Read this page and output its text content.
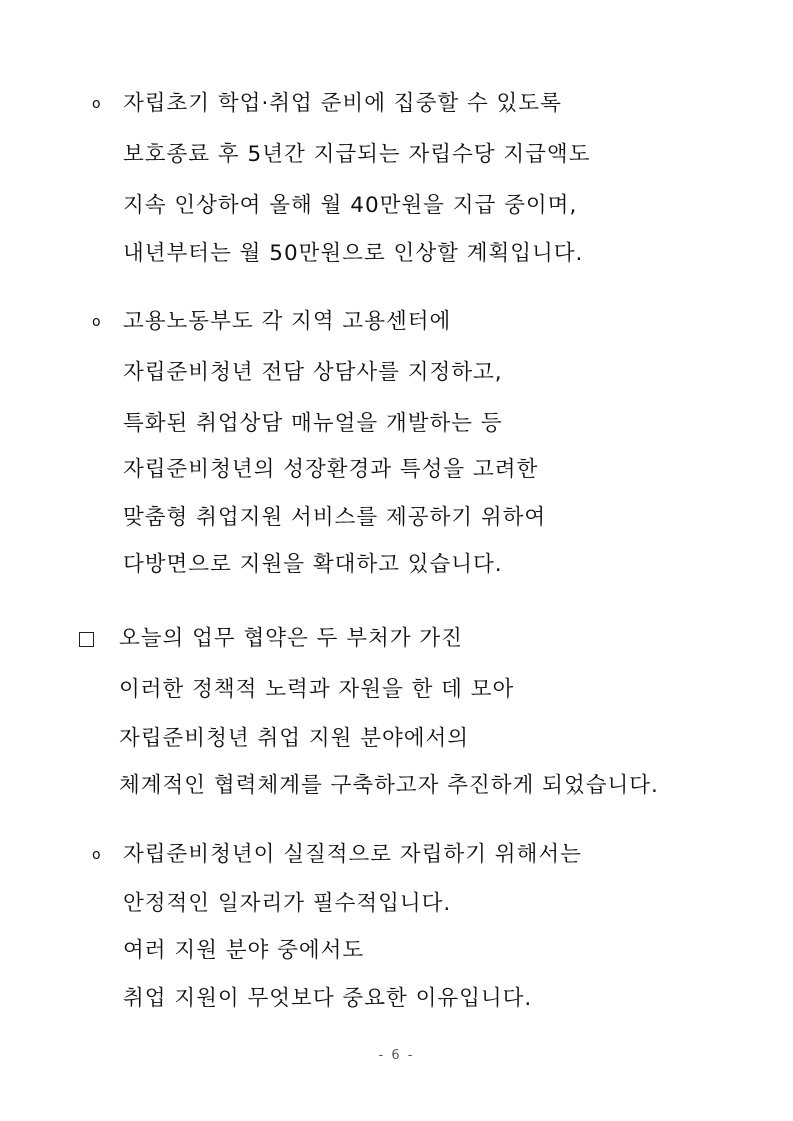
o 자립초기 학업·취업 준비에 집중할 수 있도록
보호종료 후 5년간 지급되는 자립수당 지급액도
지속 인상하여 올해 월 40만원을 지급 중이며,
내년부터는 월 50만원으로 인상할 계획입니다.
o 고용노동부도 각 지역 고용센터에
자립준비청년 전담 상담사를 지정하고,
특화된 취업상담 매뉴얼을 개발하는 등
자립준비청년의 성장환경과 특성을 고려한
맞춤형 취업지원 서비스를 제공하기 위하여
다방면으로 지원을 확대하고 있습니다.
오늘의 업무 협약은 두 부처가 가진
이러한 정책적 노력과 자원을 한 데 모아
자립준비청년 취업 지원 분야에서의
체계적인 협력체계를 구축하고자 추진하게 되었습니다.
o 자립준비청년이 실질적으로 자립하기 위해서는
안정적인 일자리가 필수적입니다.
여러 지원 분야 중에서도
취업 지원이 무엇보다 중요한 이유입니다.
- 6 -
